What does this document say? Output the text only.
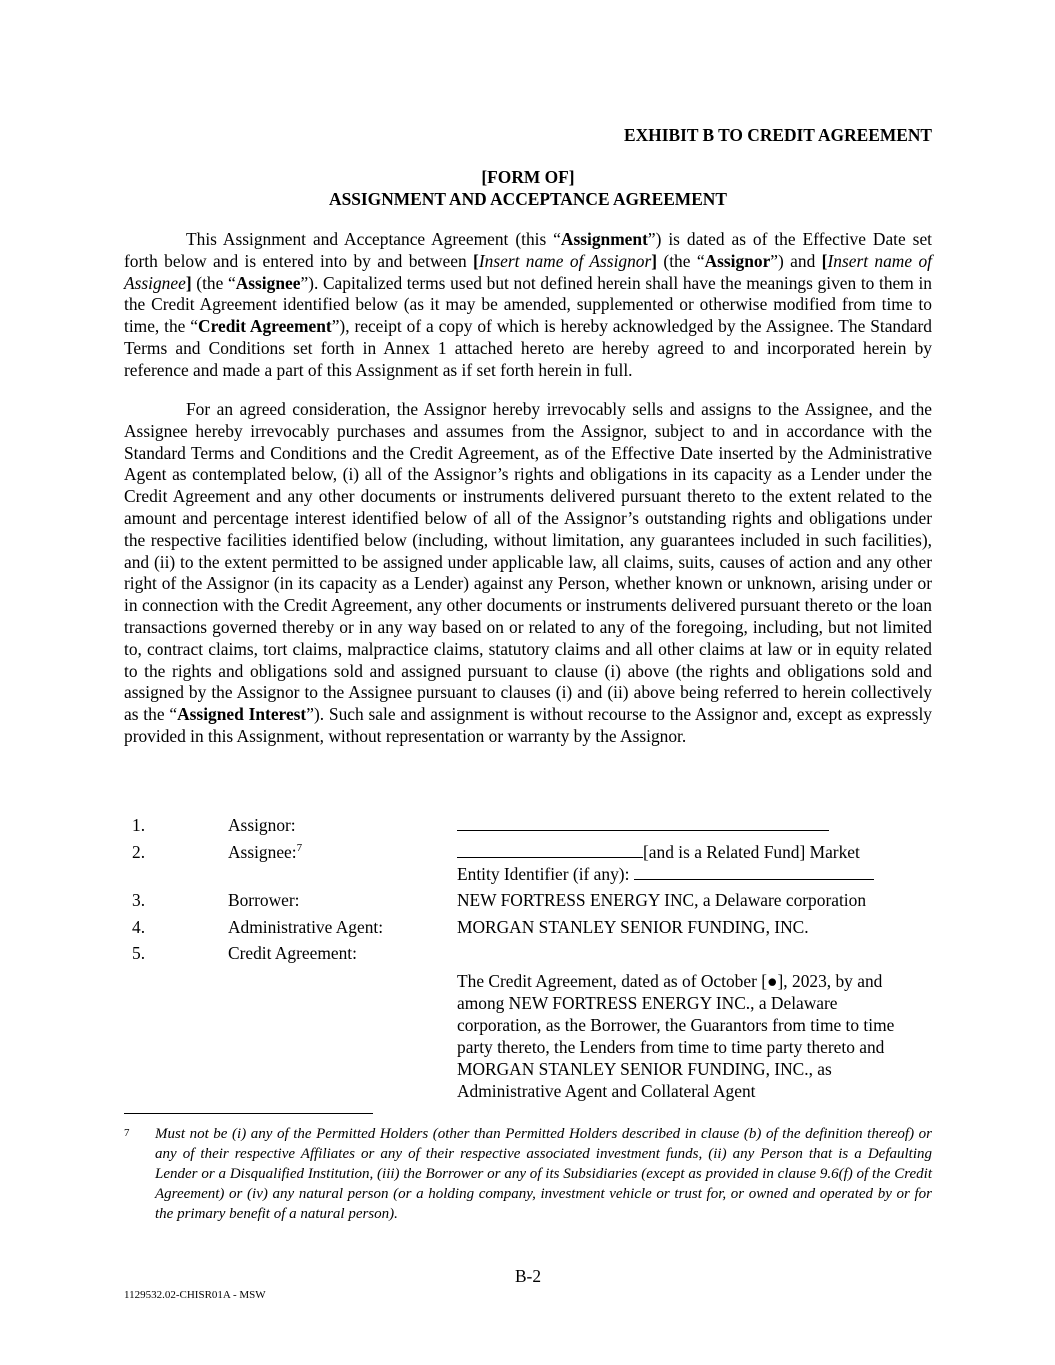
EXHIBIT B TO CREDIT AGREEMENT
[FORM OF]
ASSIGNMENT AND ACCEPTANCE AGREEMENT

This Assignment and Acceptance Agreement (this “Assignment”) is dated as of the Effective Date set forth below and is entered into by and between [Insert name of Assignor] (the “Assignor”) and [Insert name of Assignee] (the “Assignee”). Capitalized terms used but not defined herein shall have the meanings given to them in the Credit Agreement identified below (as it may be amended, supplemented or otherwise modified from time to time, the “Credit Agreement”), receipt of a copy of which is hereby acknowledged by the Assignee. The Standard Terms and Conditions set forth in Annex 1 attached hereto are hereby agreed to and incorporated herein by reference and made a part of this Assignment as if set forth herein in full.

For an agreed consideration, the Assignor hereby irrevocably sells and assigns to the Assignee, and the Assignee hereby irrevocably purchases and assumes from the Assignor, subject to and in accordance with the Standard Terms and Conditions and the Credit Agreement, as of the Effective Date inserted by the Administrative Agent as contemplated below, (i) all of the Assignor’s rights and obligations in its capacity as a Lender under the Credit Agreement and any other documents or instruments delivered pursuant thereto to the extent related to the amount and percentage interest identified below of all of the Assignor’s outstanding rights and obligations under the respective facilities identified below (including, without limitation, any guarantees included in such facilities), and (ii) to the extent permitted to be assigned under applicable law, all claims, suits, causes of action and any other right of the Assignor (in its capacity as a Lender) against any Person, whether known or unknown, arising under or in connection with the Credit Agreement, any other documents or instruments delivered pursuant thereto or the loan transactions governed thereby or in any way based on or related to any of the foregoing, including, but not limited to, contract claims, tort claims, malpractice claims, statutory claims and all other claims at law or in equity related to the rights and obligations sold and assigned pursuant to clause (i) above (the rights and obligations sold and assigned by the Assignor to the Assignee pursuant to clauses (i) and (ii) above being referred to herein collectively as the “Assigned Interest”). Such sale and assignment is without recourse to the Assignor and, except as expressly provided in this Assignment, without representation or warranty by the Assignor.

1.	Assignor:
2.	Assignee:$^7$	[and is a Related Fund] Market
Entity Identifier (if any):
3.	Borrower:	NEW FORTRESS ENERGY INC, a Delaware corporation
4.	Administrative Agent:	MORGAN STANLEY SENIOR FUNDING, INC.
5.	Credit Agreement:
The Credit Agreement, dated as of October [●], 2023, by and among NEW FORTRESS ENERGY INC., a Delaware corporation, as the Borrower, the Guarantors from time to time party thereto, the Lenders from time to time party thereto and MORGAN STANLEY SENIOR FUNDING, INC., as Administrative Agent and Collateral Agent
7 Must not be (i) any of the Permitted Holders (other than Permitted Holders described in clause (b) of the definition thereof) or any of their respective Affiliates or any of their respective associated investment funds, (ii) any Person that is a Defaulting Lender or a Disqualified Institution, (iii) the Borrower or any of its Subsidiaries (except as provided in clause 9.6(f) of the Credit Agreement) or (iv) any natural person (or a holding company, investment vehicle or trust for, or owned and operated by or for the primary benefit of a natural person).
B-2
1129532.02-CHISR01A - MSW
